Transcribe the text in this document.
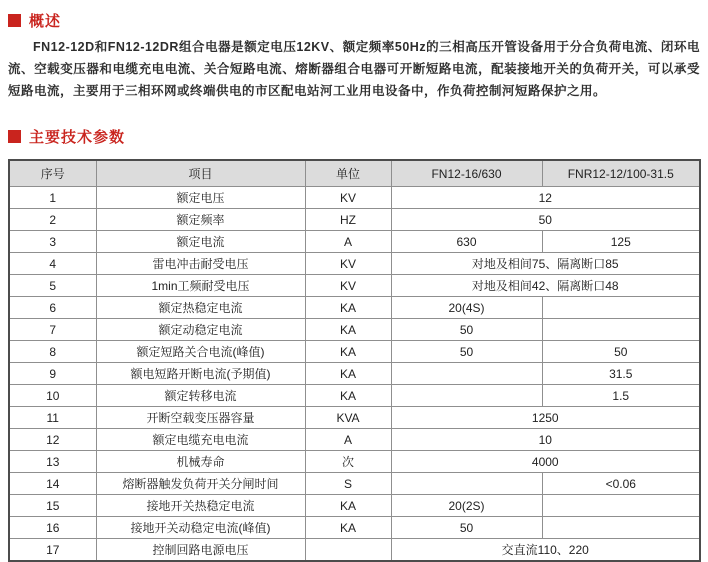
概述

FN12-12D和FN12-12DR组合电器是额定电压12KV、额定频率50Hz的三相高压开管设备用于分合负荷电流、闭环电流、空载变压器和电缆充电电流、关合短路电流、熔断器组合电器可开断短路电流，配装接地开关的负荷开关，可以承受短路电流，主要用于三相环网或终端供电的市区配电站河工业用电设备中，作负荷控制河短路保护之用。

主要技术参数
序号	项目	单位	FN12-16/630	FNR12-12/100-31.5
1	额定电压	KV	12	
2	额定频率	HZ	50	
3	额定电流	A	630	125
4	雷电冲击耐受电压	KV	对地及相间75、隔离断口85	
5	1min工频耐受电压	KV	对地及相间42、隔离断口48	
6	额定热稳定电流	KA	20(4S)	
7	额定动稳定电流	KA	50	
8	额定短路关合电流(峰值)	KA	50	50
9	额电短路开断电流(予期值)	KA		31.5
10	额定转移电流	KA		1.5
11	开断空载变压器容量	KVA	1250	
12	额定电缆充电电流	A	10	
13	机械寿命	次	4000	
14	熔断器触发负荷开关分闸时间	S		<0.06
15	接地开关热稳定电流	KA	20(2S)	
16	接地开关动稳定电流(峰值)	KA	50	
17	控制回路电源电压		交直流110、220	
